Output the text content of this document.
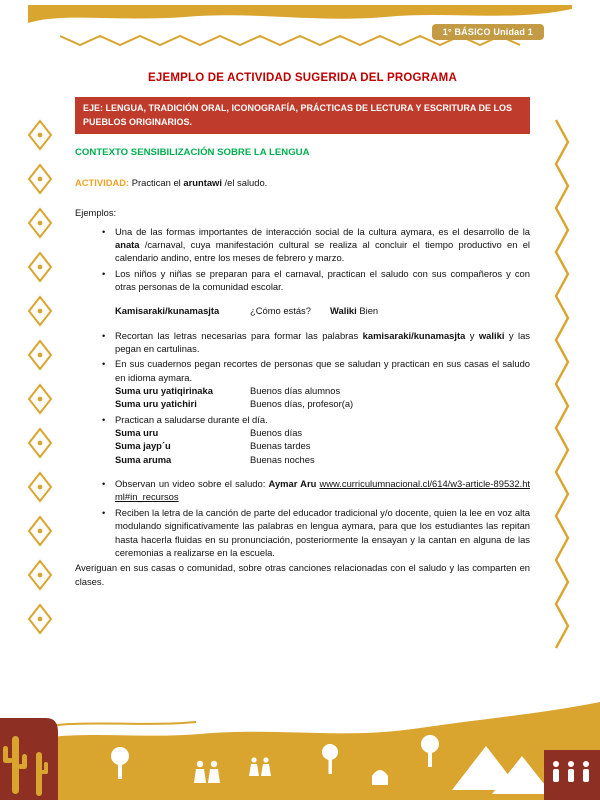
1° BÁSICO Unidad 1
EJEMPLO DE ACTIVIDAD SUGERIDA DEL PROGRAMA
EJE: LENGUA, TRADICIÓN ORAL, ICONOGRAFÍA, PRÁCTICAS DE LECTURA Y ESCRITURA DE LOS PUEBLOS ORIGINARIOS.
CONTEXTO SENSIBILIZACIÓN SOBRE LA LENGUA

ACTIVIDAD: Practican el aruntawi /el saludo.

Ejemplos:

• Una de las formas importantes de interacción social de la cultura aymara, es el desarrollo de la anata /carnaval, cuya manifestación cultural se realiza al concluir el tiempo productivo en el calendario andino, entre los meses de febrero y marzo.
• Los niños y niñas se preparan para el carnaval, practican el saludo con sus compañeros y con otras personas de la comunidad escolar.
Kamisaraki/kunamasjta	¿Cómo estás?	Waliki Bien
• Recortan las letras necesarias para formar las palabras kamisaraki/kunamasjta y waliki y las pegan en cartulinas.
• En sus cuadernos pegan recortes de personas que se saludan y practican en sus casas el saludo en idioma aymara.
Suma uru yatiqirinaka	Buenos días alumnos
Suma uru yatichiri	Buenos días, profesor(a)
• Practican a saludarse durante el día.
Suma uru	Buenos días
Suma jayp´u	Buenas tardes
Suma aruma	Buenas noches
• Observan un video sobre el saludo: Aymar Aru www.curriculumnacional.cl/614/w3-article-89532.html#in_recursos
• Reciben la letra de la canción de parte del educador tradicional y/o docente, quien la lee en voz alta modulando significativamente las palabras en lengua aymara, para que los estudiantes las repitan hasta hacerla fluidas en su pronunciación, posteriormente la ensayan y la cantan en alguna de las ceremonias a realizarse en la escuela.

Averiguan en sus casas o comunidad, sobre otras canciones relacionadas con el saludo y las comparten en clases.
